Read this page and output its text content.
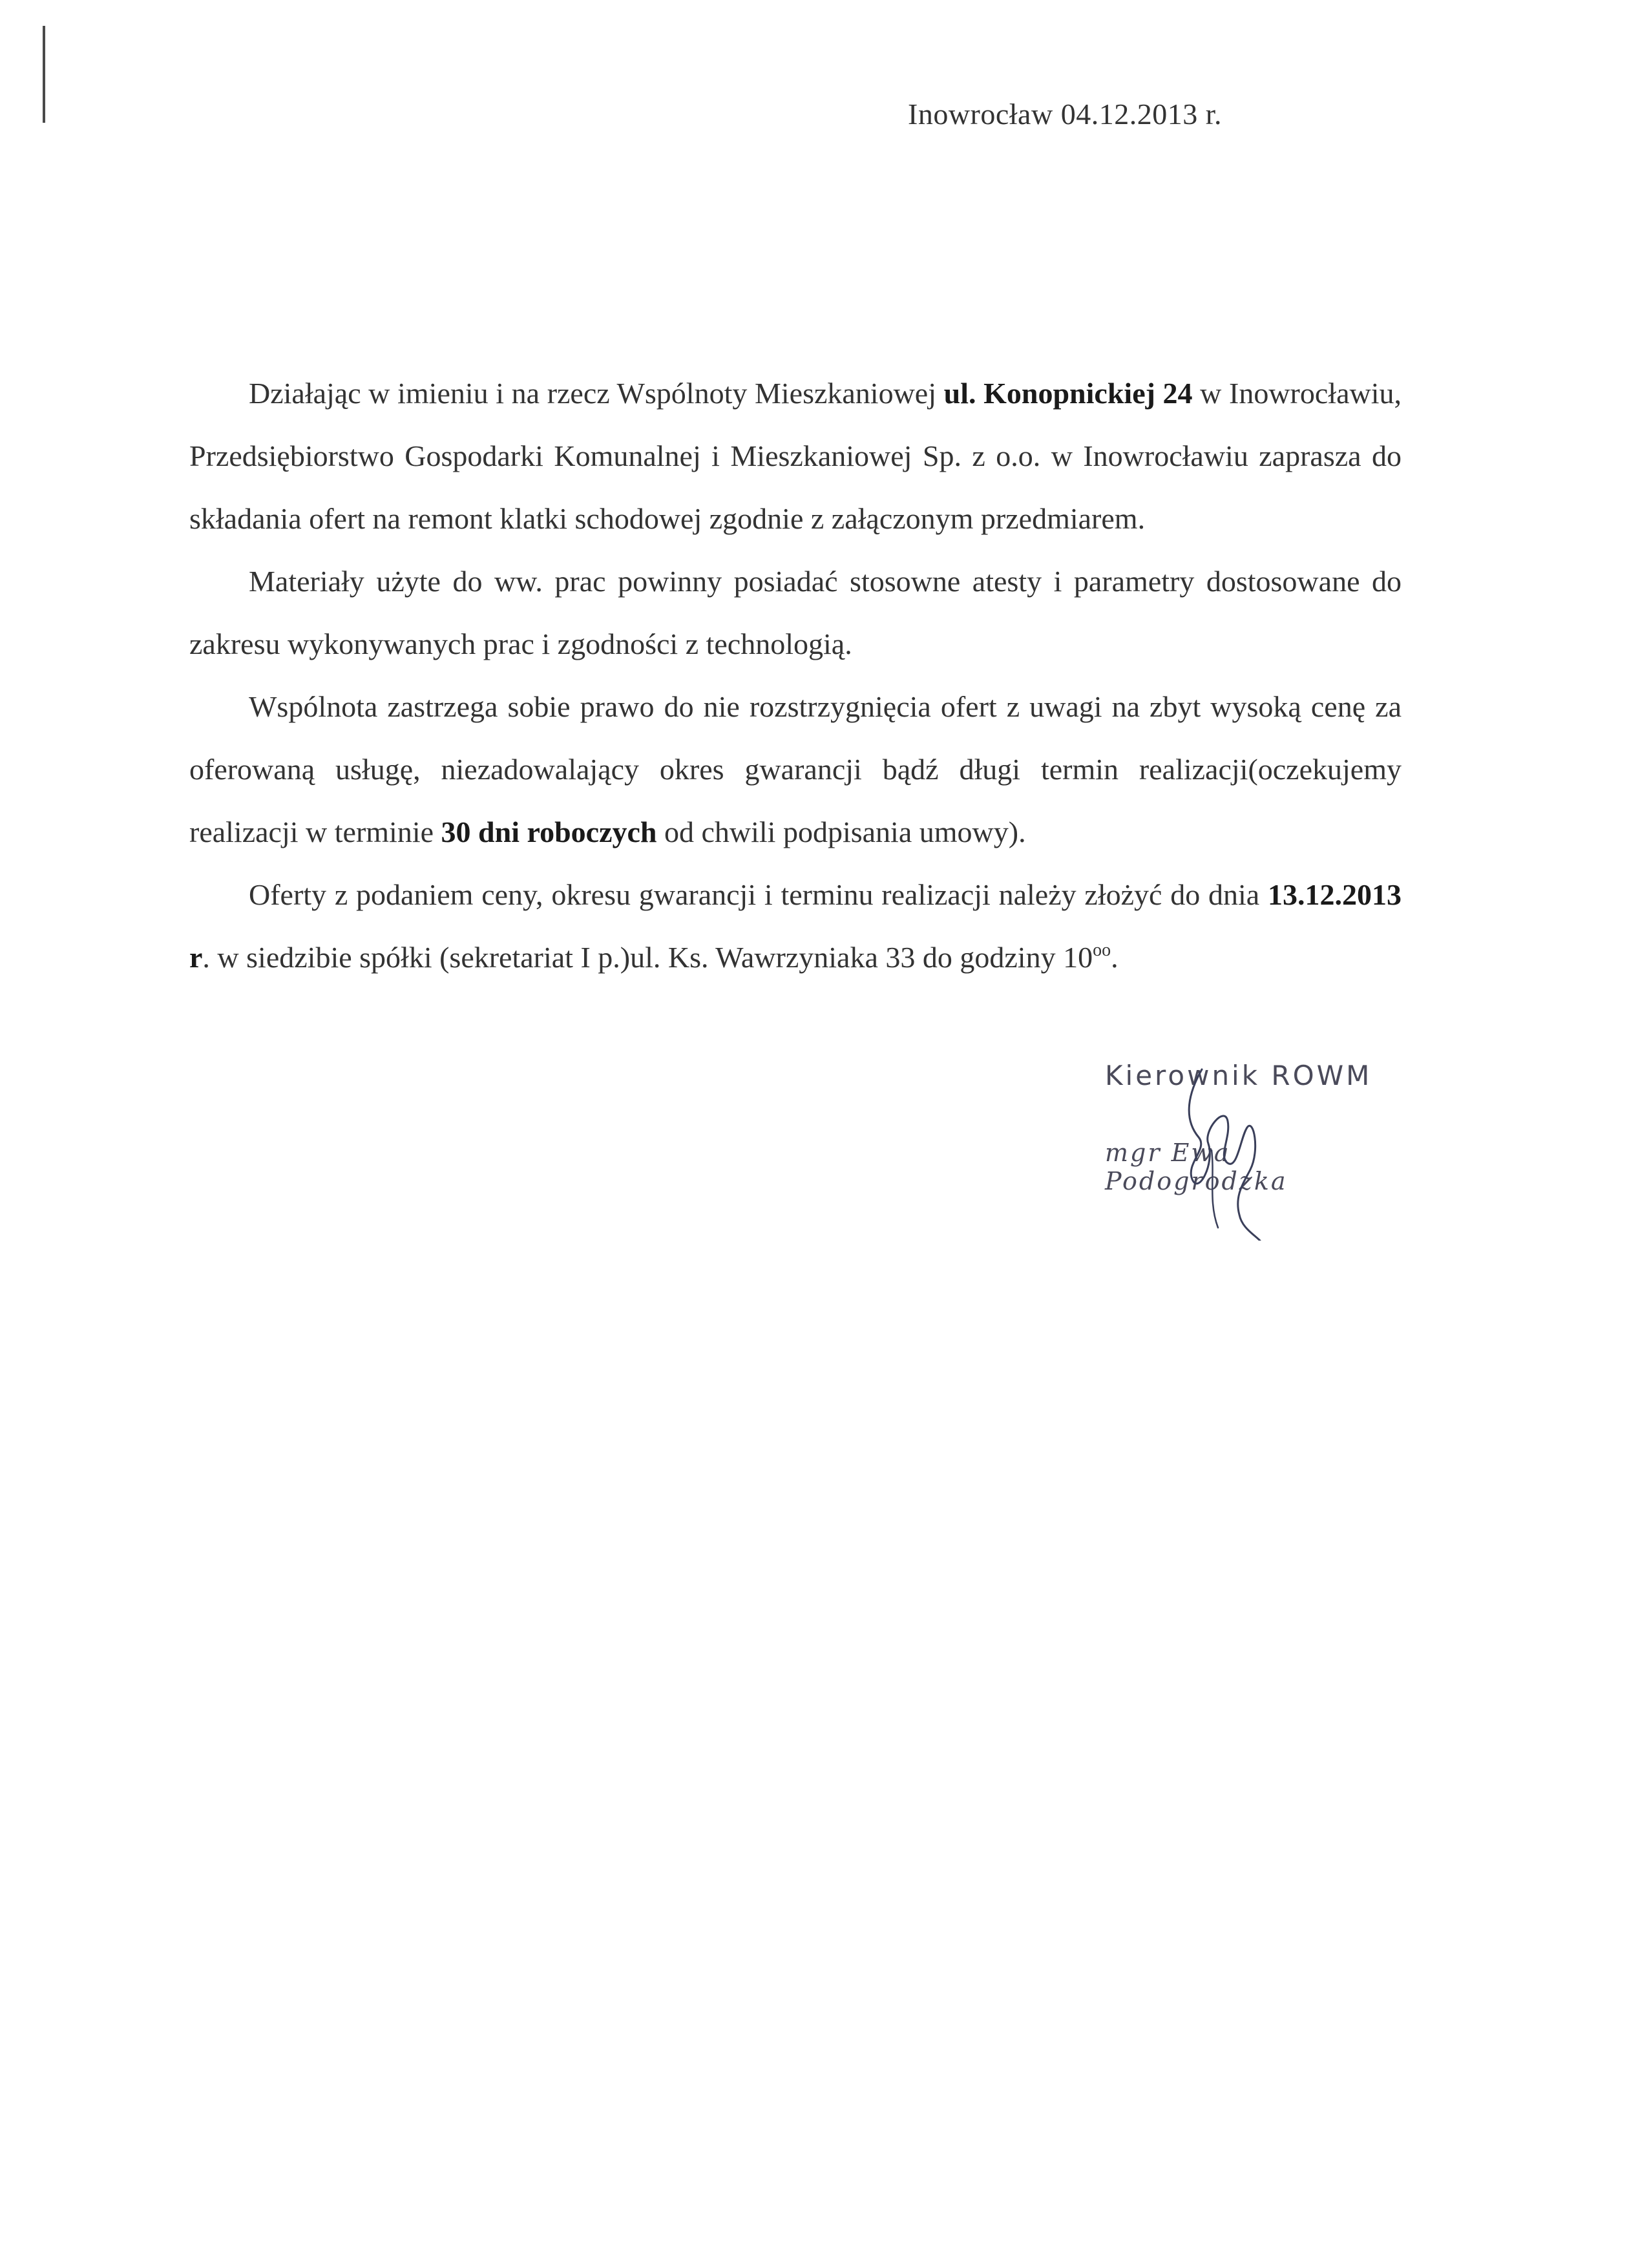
Inowrocław 04.12.2013 r.

Działając w imieniu i na rzecz Wspólnoty Mieszkaniowej ul. Konopnickiej 24 w Inowrocławiu, Przedsiębiorstwo Gospodarki Komunalnej i Mieszkaniowej Sp. z o.o. w Inowrocławiu zaprasza do składania ofert na remont klatki schodowej zgodnie z załączonym przedmiarem.

Materiały użyte do ww. prac powinny posiadać stosowne atesty i parametry dostosowane do zakresu wykonywanych prac i zgodności z technologią.

Wspólnota zastrzega sobie prawo do nie rozstrzygnięcia ofert z uwagi na zbyt wysoką cenę za oferowaną usługę, niezadowalający okres gwarancji bądź długi termin realizacji(oczekujemy realizacji w terminie 30 dni roboczych od chwili podpisania umowy).

Oferty z podaniem ceny, okresu gwarancji i terminu realizacji należy złożyć do dnia 13.12.2013 r. w siedzibie spółki (sekretariat I p.)ul. Ks. Wawrzyniaka 33 do godziny $10^{oo}$.

Kierownik ROWM
mgr Ewa Podogrodzka
